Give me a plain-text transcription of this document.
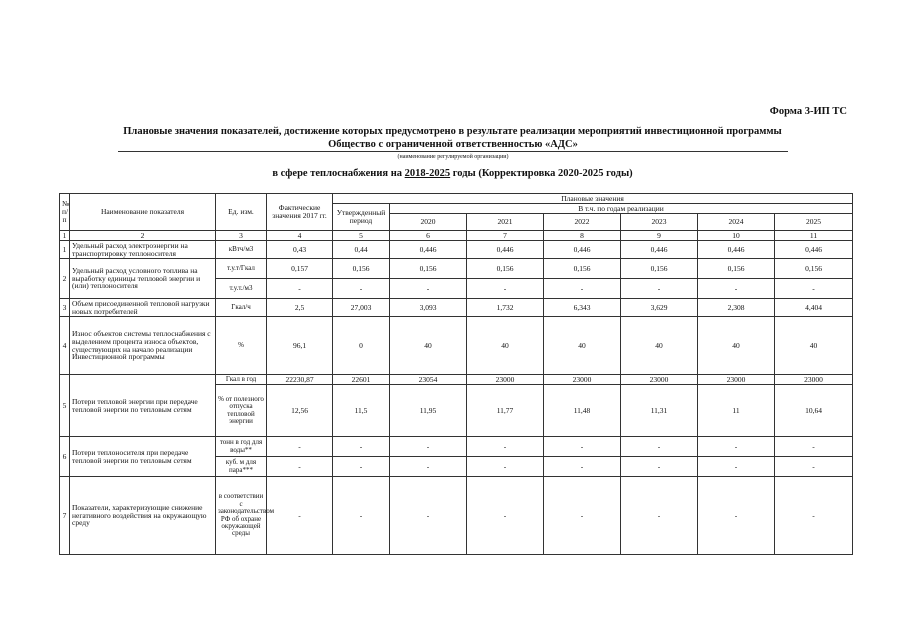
Форма 3-ИП ТС
Плановые значения показателей, достижение которых предусмотрено в результате реализации мероприятий инвестиционной программы
Общество с ограниченной ответственностью «АДС»
(наименование регулируемой организации)
в сфере теплоснабжения на 2018-2025 годы (Корректировка 2020-2025 годы)
№ п/п	Наименование показателя	Ед. изм.	Фактические значения 2017 гг.	Плановые значения						
				Утвержденный период	В т.ч. по годам реализации					
					2020	2021	2022	2023	2024	2025
1	2	3	4	5	6	7	8	9	10	11
1	Удельный расход электроэнергии на транспортировку теплоносителя	кВтч/м3	0,43	0,44	0,446	0,446	0,446	0,446	0,446	0,446
2	Удельный расход условного топлива на выработку единицы тепловой энергии и (или) теплоносителя	т.у.т/Гкал	0,157	0,156	0,156	0,156	0,156	0,156	0,156	0,156
		т.у.т./м3	-	-	-	-	-	-	-	-
3	Объем присоединенной тепловой нагрузки новых потребителей	Гкал/ч	2,5	27,003	3,093	1,732	6,343	3,629	2,308	4,404
4	Износ объектов системы теплоснабжения с выделением процента износа объектов, существующих на начало реализации Инвестиционной программы	%	96,1	0	40	40	40	40	40	40
5	Потери тепловой энергии при передаче тепловой энергии по тепловым сетям	Гкал в год	22230,87	22601	23054	23000	23000	23000	23000	23000
		% от полезного отпуска тепловой энергии	12,56	11,5	11,95	11,77	11,48	11,31	11	10,64
6	Потери теплоносителя при передаче тепловой энергии по тепловым сетям	тонн в год для воды**	-	-	-	-	-	-	-	-
		куб. м для пара***	-	-	-	-	-	-	-	-
7	Показатели, характеризующие снижение негативного воздействия на окружающую среду	в соответствии с законодательством РФ об охране окружающей среды	-	-	-	-	-	-	-	-
